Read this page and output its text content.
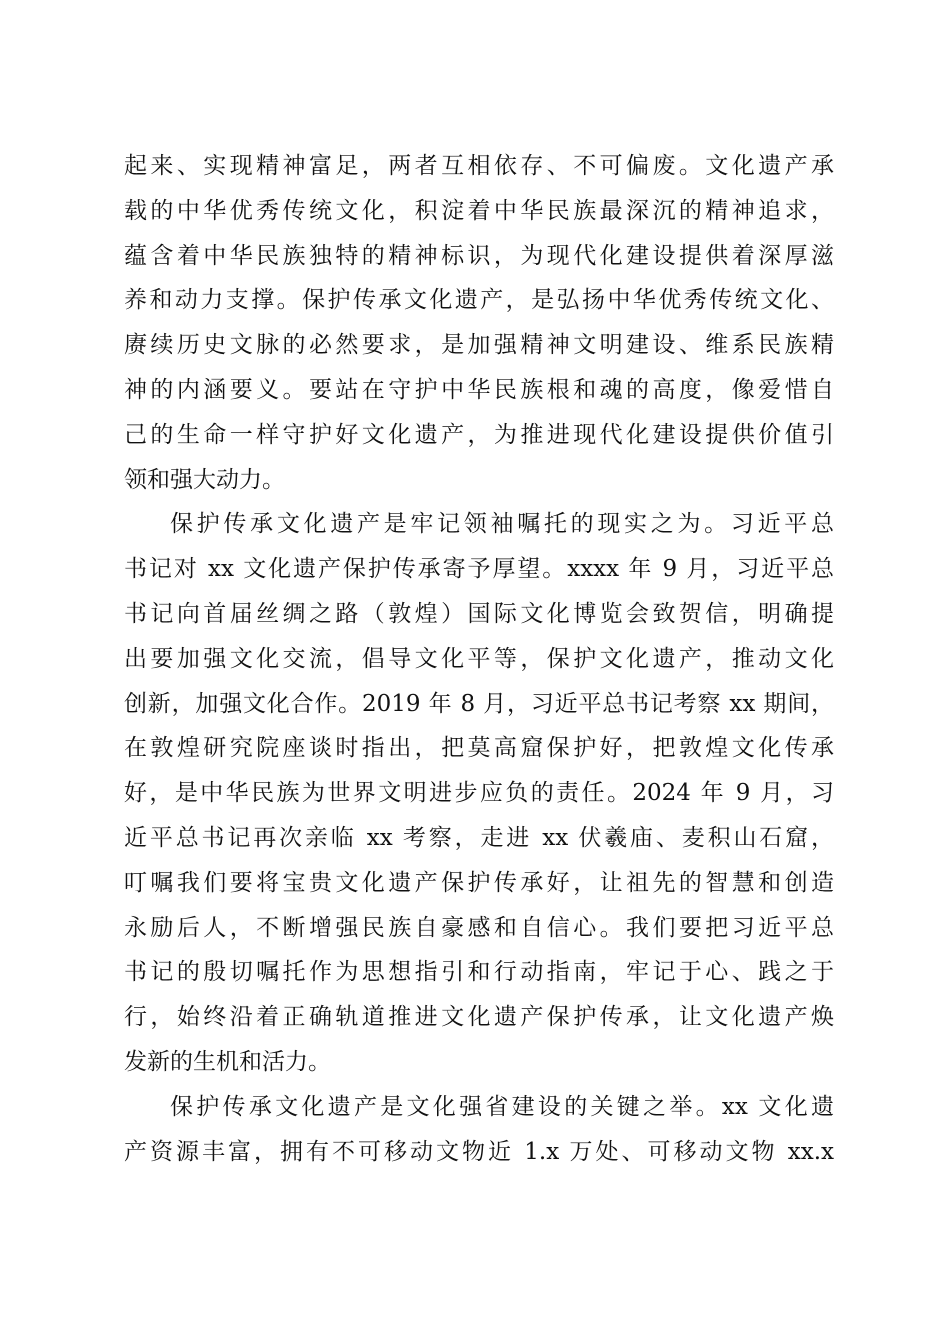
起来、实现精神富足，两者互相依存、不可偏废。文化遗产承
载的中华优秀传统文化，积淀着中华民族最深沉的精神追求，
蕴含着中华民族独特的精神标识，为现代化建设提供着深厚滋
养和动力支撑。保护传承文化遗产，是弘扬中华优秀传统文化、
赓续历史文脉的必然要求，是加强精神文明建设、维系民族精
神的内涵要义。要站在守护中华民族根和魂的高度，像爱惜自
己的生命一样守护好文化遗产，为推进现代化建设提供价值引
领和强大动力。
保护传承文化遗产是牢记领袖嘱托的现实之为。习近平总
书记对 xx 文化遗产保护传承寄予厚望。xxxx 年 9 月，习近平总
书记向首届丝绸之路（敦煌）国际文化博览会致贺信，明确提
出要加强文化交流，倡导文化平等，保护文化遗产，推动文化
创新，加强文化合作。2019 年 8 月，习近平总书记考察 xx 期间，
在敦煌研究院座谈时指出，把莫高窟保护好，把敦煌文化传承
好，是中华民族为世界文明进步应负的责任。2024 年 9 月，习
近平总书记再次亲临 xx 考察，走进 xx 伏羲庙、麦积山石窟，
叮嘱我们要将宝贵文化遗产保护传承好，让祖先的智慧和创造
永励后人，不断增强民族自豪感和自信心。我们要把习近平总
书记的殷切嘱托作为思想指引和行动指南，牢记于心、践之于
行，始终沿着正确轨道推进文化遗产保护传承，让文化遗产焕
发新的生机和活力。
保护传承文化遗产是文化强省建设的关键之举。xx 文化遗
产资源丰富，拥有不可移动文物近 1.x 万处、可移动文物 xx.x
